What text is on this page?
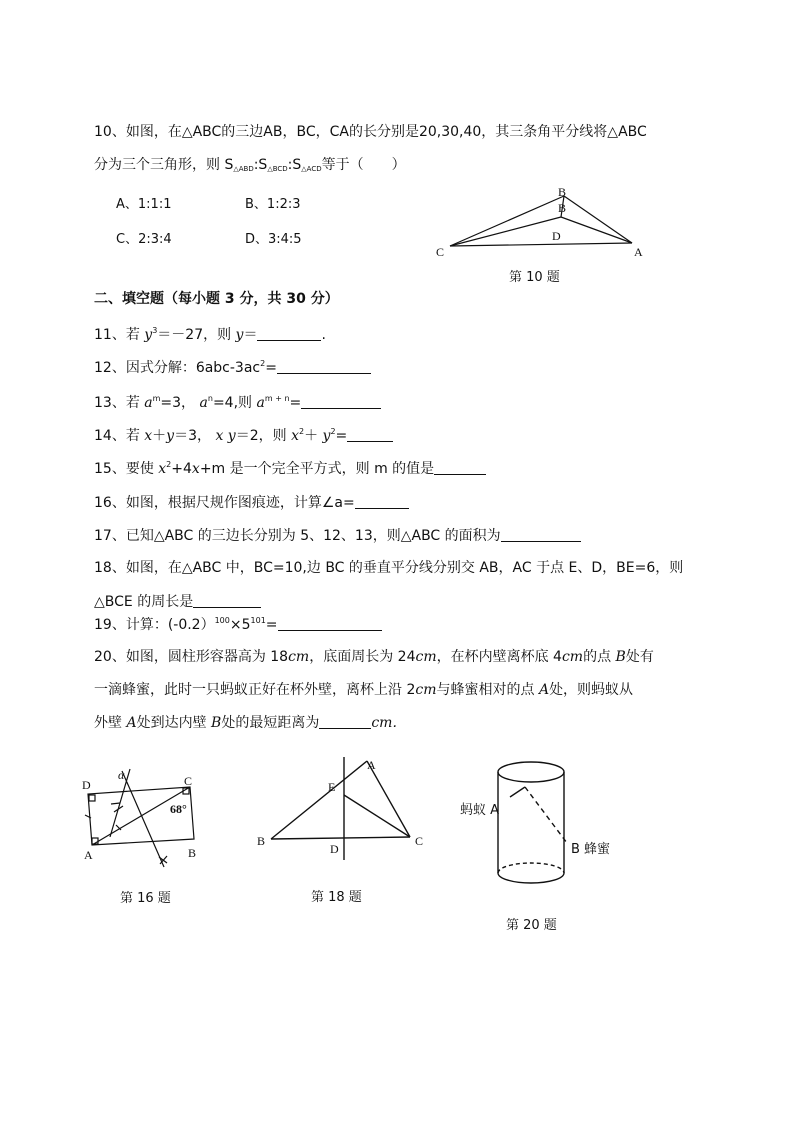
10、如图，在△ABC的三边AB，BC，CA的长分别是20,30,40，其三条角平分线将△ABC
分为三个三角形，则 $S_{\triangle ABD}:S_{\triangle BCD}:S_{\triangle ACD}$等于（　　）
A、1:1:1	B、1:2:3
C、2:3:4	D、3:4:5
B
B
D
C	A
第 10 题
二、填空题（每小题 3 分，共 30 分）
11、若 $y^3=-27$，则 y＝	.
12、因式分解：$6abc-3ac^2=$
13、若 $a^m=3$， $a^n=4$,则 $a^{m + n}=$
14、若 x＋y＝3， x y＝2，则 $x^2+ y^2=$
15、要使 $x^2+4x+m$ 是一个完全平方式，则 m 的值是
16、如图，根据尺规作图痕迹，计算∠a=
17、已知△ABC 的三边长分别为 5、12、13，则△ABC 的面积为
18、如图，在△ABC 中，BC=10,边 BC 的垂直平分线分别交 AB，AC 于点 E、D，BE=6，则
△BCE 的周长是
19、计算：$(-0.2)^{100}\times 5^{101}=$
20、如图，圆柱形容器高为 18cm，底面周长为 24cm，在杯内壁离杯底 4cm的点 B处有
一滴蜂蜜，此时一只蚂蚁正好在杯外壁，离杯上沿 2cm与蜂蜜相对的点 A处，则蚂蚁从
外壁 A处到达内壁 B处的最短距离为	cm.
D
α	C
68°
A	B
第 16 题
A
E
B
D
C
第 18 题
蚂蚁 A
B 蜂蜜
第 20 题
